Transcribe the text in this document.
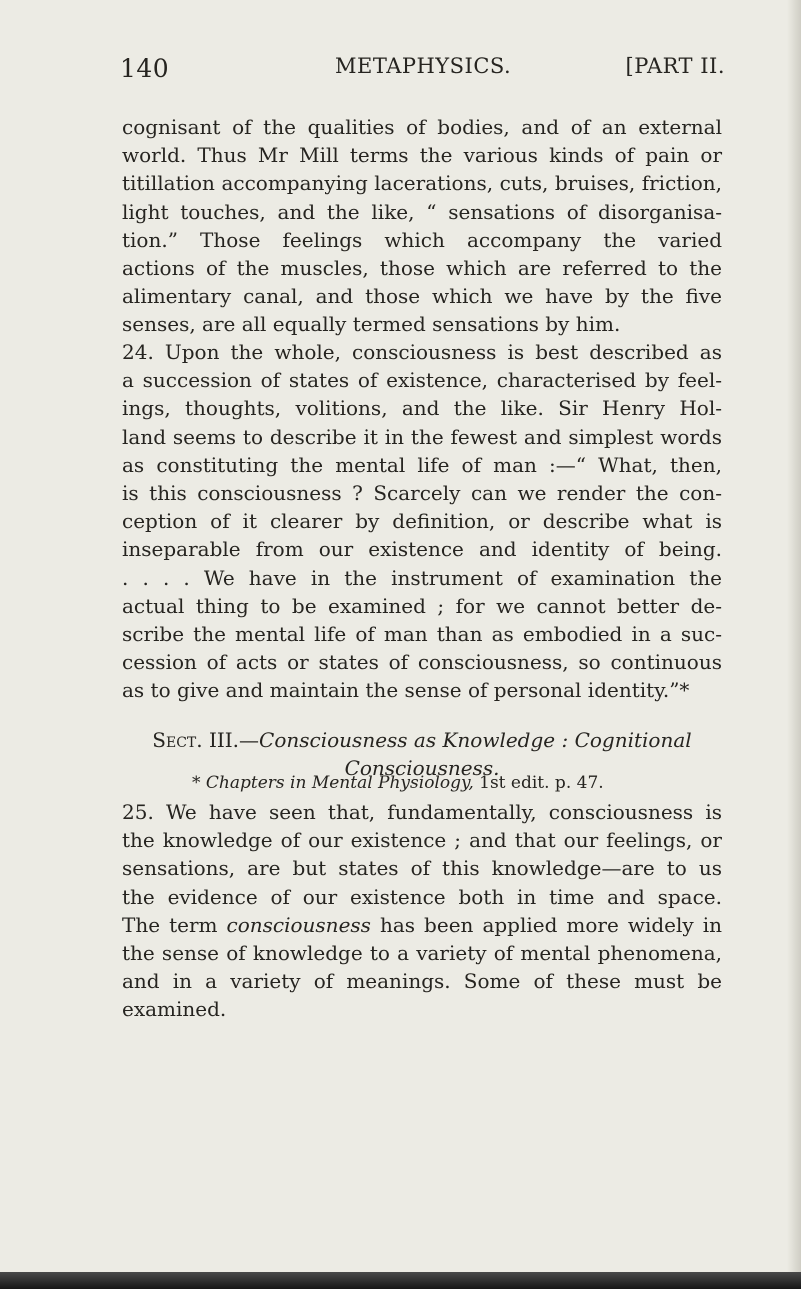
140	METAPHYSICS.	[PART II.
cognisant of the qualities of bodies, and of an external
world. Thus Mr Mill terms the various kinds of pain or
titillation accompanying lacerations, cuts, bruises, friction,
light touches, and the like, “ sensations of disorganisa-
tion.” Those feelings which accompany the varied
actions of the muscles, those which are referred to the
alimentary canal, and those which we have by the five
senses, are all equally termed sensations by him.
24. Upon the whole, consciousness is best described as
a succession of states of existence, characterised by feel-
ings, thoughts, volitions, and the like. Sir Henry Hol-
land seems to describe it in the fewest and simplest words
as constituting the mental life of man :—“ What, then,
is this consciousness ? Scarcely can we render the con-
ception of it clearer by definition, or describe what is
inseparable from our existence and identity of being.
. . . . We have in the instrument of examination the
actual thing to be examined ; for we cannot better de-
scribe the mental life of man than as embodied in a suc-
cession of acts or states of consciousness, so continuous
as to give and maintain the sense of personal identity.”*
Sect. III.—Consciousness as Knowledge : Cognitional
Consciousness.
25. We have seen that, fundamentally, consciousness is
the knowledge of our existence ; and that our feelings, or
sensations, are but states of this knowledge—are to us
the evidence of our existence both in time and space.
The term consciousness has been applied more widely in
the sense of knowledge to a variety of mental phenomena,
and in a variety of meanings. Some of these must be
examined.
* Chapters in Mental Physiology, 1st edit. p. 47.
